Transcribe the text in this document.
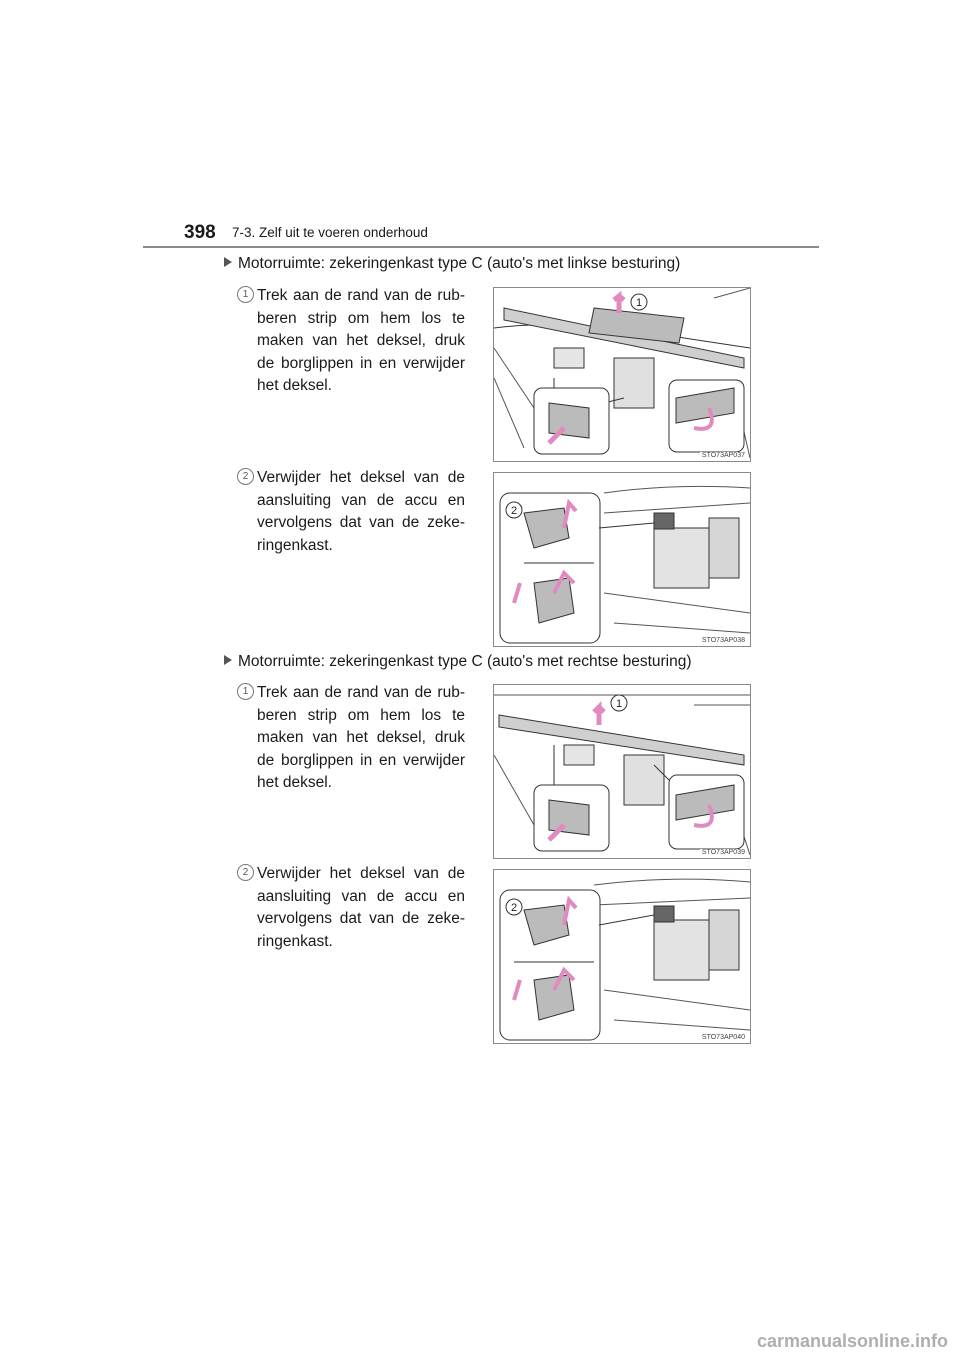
398 7-3. Zelf uit te voeren onderhoud
Motorruimte: zekeringenkast type C (auto's met linkse besturing)
1 Trek aan de rand van de rub-beren strip om hem los te maken van het deksel, druk de borglippen in en verwijder het deksel.
1
STO73AP037
2 Verwijder het deksel van de aansluiting van de accu en vervolgens dat van de zeke-ringenkast.
2
STO73AP038
Motorruimte: zekeringenkast type C (auto's met rechtse besturing)
1 Trek aan de rand van de rub-beren strip om hem los te maken van het deksel, druk de borglippen in en verwijder het deksel.
1
STO73AP039
2 Verwijder het deksel van de aansluiting van de accu en vervolgens dat van de zeke-ringenkast.
2
STO73AP040
carmanualsonline.info
